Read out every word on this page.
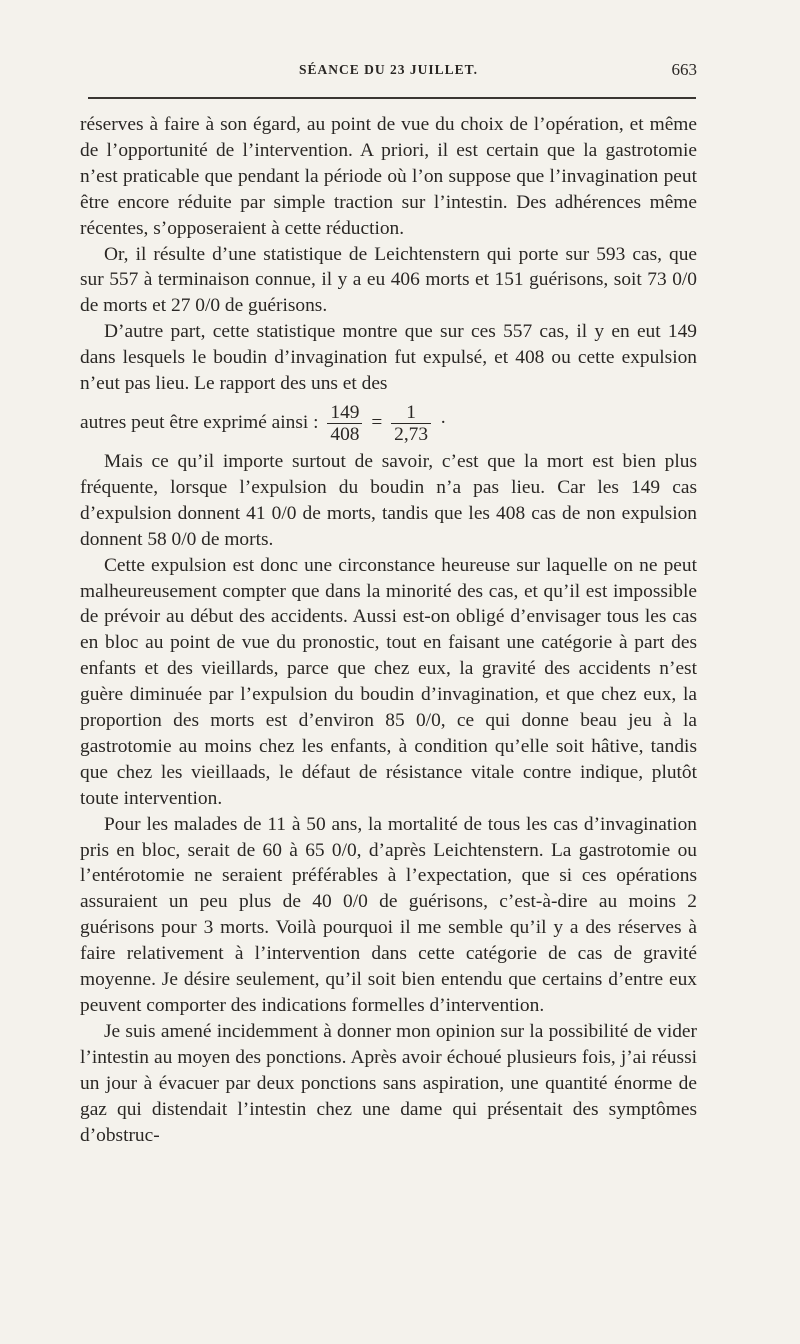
SÉANCE DU 23 JUILLET.	663

réserves à faire à son égard, au point de vue du choix de l’opération, et même de l’opportunité de l’intervention. A priori, il est certain que la gastrotomie n’est praticable que pendant la période où l’on suppose que l’invagination peut être encore réduite par simple traction sur l’intestin. Des adhérences même récentes, s’opposeraient à cette réduction.

Or, il résulte d’une statistique de Leichtenstern qui porte sur 593 cas, que sur 557 à terminaison connue, il y a eu 406 morts et 151 guérisons, soit 73 0/0 de morts et 27 0/0 de guérisons.

D’autre part, cette statistique montre que sur ces 557 cas, il y en eut 149 dans lesquels le boudin d’invagination fut expulsé, et 408 ou cette expulsion n’eut pas lieu. Le rapport des uns et des

autres peut être exprimé ainsi : $\frac{149}{408} = \frac{1}{2,73}$ ·

Mais ce qu’il importe surtout de savoir, c’est que la mort est bien plus fréquente, lorsque l’expulsion du boudin n’a pas lieu. Car les 149 cas d’expulsion donnent 41 0/0 de morts, tandis que les 408 cas de non expulsion donnent 58 0/0 de morts.

Cette expulsion est donc une circonstance heureuse sur laquelle on ne peut malheureusement compter que dans la minorité des cas, et qu’il est impossible de prévoir au début des accidents. Aussi est-on obligé d’envisager tous les cas en bloc au point de vue du pronostic, tout en faisant une catégorie à part des enfants et des vieillards, parce que chez eux, la gravité des accidents n’est guère diminuée par l’expulsion du boudin d’invagination, et que chez eux, la proportion des morts est d’environ 85 0/0, ce qui donne beau jeu à la gastrotomie au moins chez les enfants, à condition qu’elle soit hâtive, tandis que chez les vieillaads, le défaut de résistance vitale contre indique, plutôt toute intervention.

Pour les malades de 11 à 50 ans, la mortalité de tous les cas d’invagination pris en bloc, serait de 60 à 65 0/0, d’après Leichtenstern. La gastrotomie ou l’entérotomie ne seraient préférables à l’expectation, que si ces opérations assuraient un peu plus de 40 0/0 de guérisons, c’est-à-dire au moins 2 guérisons pour 3 morts. Voilà pourquoi il me semble qu’il y a des réserves à faire relativement à l’intervention dans cette catégorie de cas de gravité moyenne. Je désire seulement, qu’il soit bien entendu que certains d’entre eux peuvent comporter des indications formelles d’intervention.

Je suis amené incidemment à donner mon opinion sur la possibilité de vider l’intestin au moyen des ponctions. Après avoir échoué plusieurs fois, j’ai réussi un jour à évacuer par deux ponctions sans aspiration, une quantité énorme de gaz qui distendait l’intestin chez une dame qui présentait des symptômes d’obstruc-
